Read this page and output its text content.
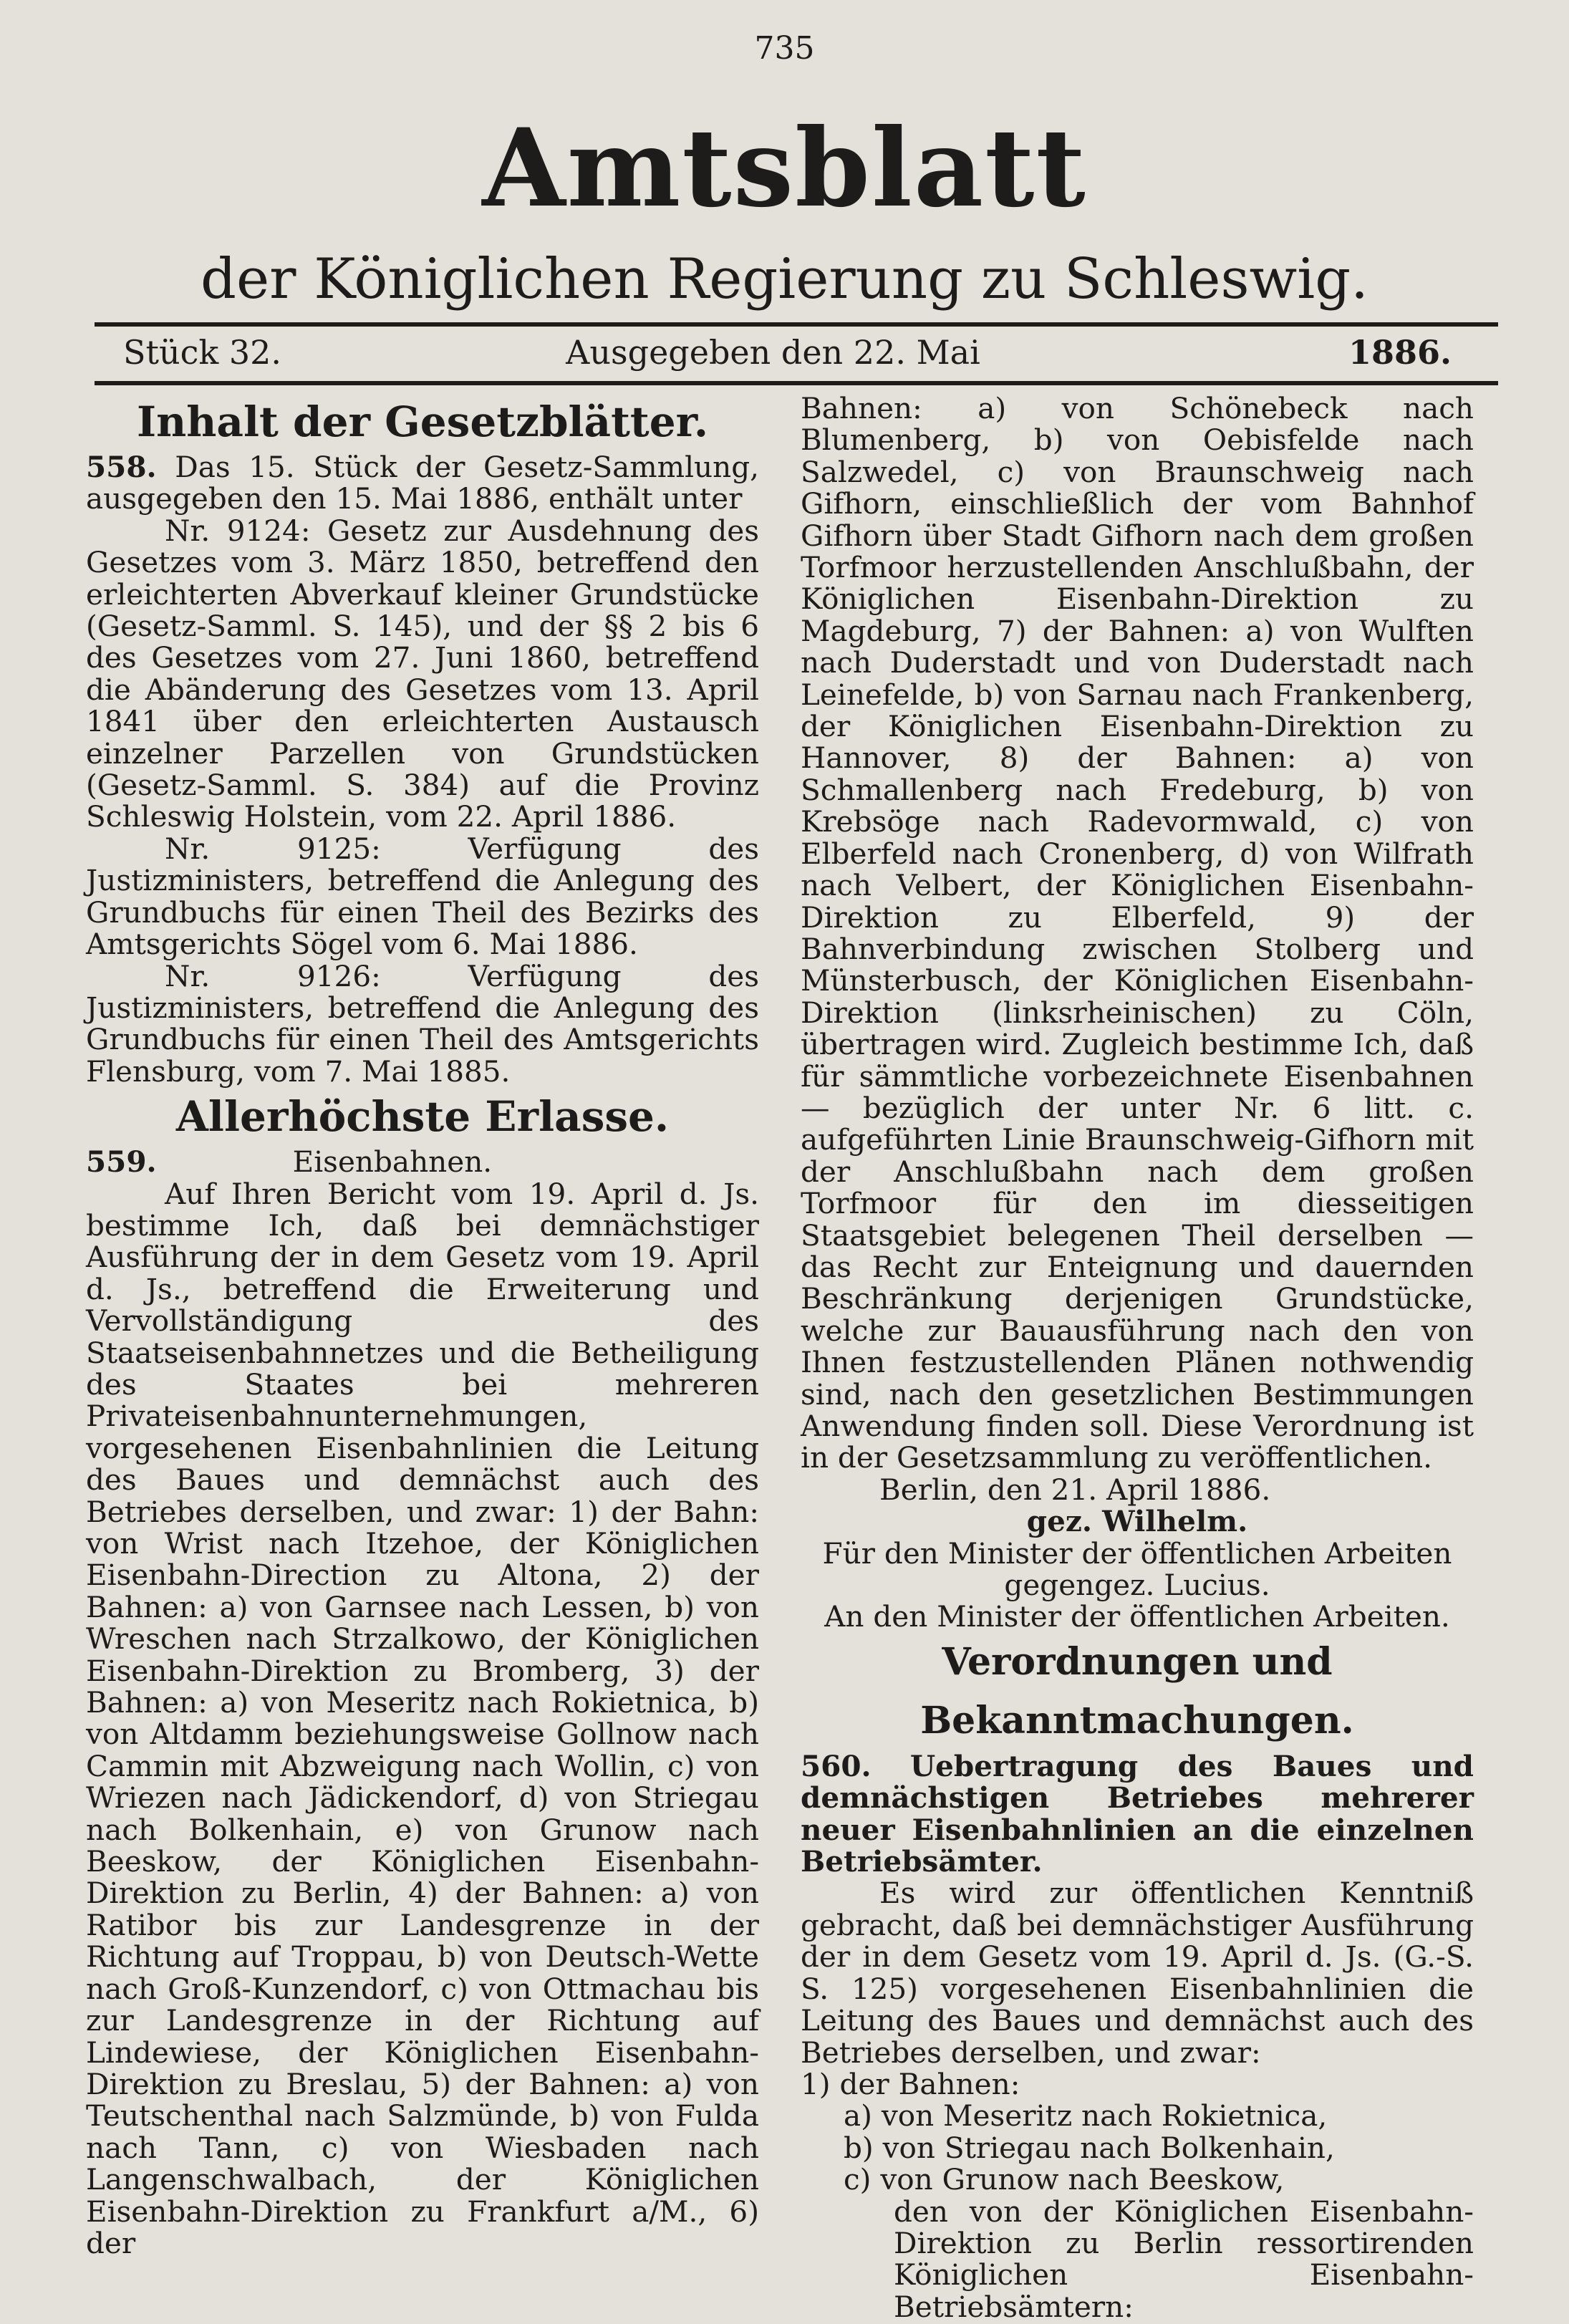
735
Amtsblatt
der Königlichen Regierung zu Schleswig.
Ausgegeben den 22. Mai
Stück 32.	1886.
Inhalt der Gesetzblätter.

558. Das 15. Stück der Gesetz-Sammlung, ausgegeben den 15. Mai 1886, enthält unter

Nr. 9124: Gesetz zur Ausdehnung des Gesetzes vom 3. März 1850, betreffend den erleichterten Abverkauf kleiner Grundstücke (Gesetz-Samml. S. 145), und der §§ 2 bis 6 des Gesetzes vom 27. Juni 1860, betreffend die Abänderung des Gesetzes vom 13. April 1841 über den erleichterten Austausch einzelner Parzellen von Grundstücken (Gesetz-Samml. S. 384) auf die Provinz Schleswig Holstein, vom 22. April 1886.

Nr. 9125: Verfügung des Justizministers, betreffend die Anlegung des Grundbuchs für einen Theil des Bezirks des Amtsgerichts Sögel vom 6. Mai 1886.

Nr. 9126: Verfügung des Justizministers, betreffend die Anlegung des Grundbuchs für einen Theil des Amtsgerichts Flensburg, vom 7. Mai 1885.

Allerhöchste Erlasse.

559.	Eisenbahnen.

Auf Ihren Bericht vom 19. April d. Js. bestimme Ich, daß bei demnächstiger Ausführung der in dem Gesetz vom 19. April d. Js., betreffend die Erweiterung und Vervollständigung des Staatseisenbahnnetzes und die Betheiligung des Staates bei mehreren Privateisenbahnunternehmungen, vorgesehenen Eisenbahnlinien die Leitung des Baues und demnächst auch des Betriebes derselben, und zwar: 1) der Bahn: von Wrist nach Itzehoe, der Königlichen Eisenbahn-Direction zu Altona, 2) der Bahnen: a) von Garnsee nach Lessen, b) von Wreschen nach Strzalkowo, der Königlichen Eisenbahn-Direktion zu Bromberg, 3) der Bahnen: a) von Meseritz nach Rokietnica, b) von Altdamm beziehungsweise Gollnow nach Cammin mit Abzweigung nach Wollin, c) von Wriezen nach Jädickendorf, d) von Striegau nach Bolkenhain, e) von Grunow nach Beeskow, der Königlichen Eisenbahn-Direktion zu Berlin, 4) der Bahnen: a) von Ratibor bis zur Landesgrenze in der Richtung auf Troppau, b) von Deutsch-Wette nach Groß-Kunzendorf, c) von Ottmachau bis zur Landesgrenze in der Richtung auf Lindewiese, der Königlichen Eisenbahn-Direktion zu Breslau, 5) der Bahnen: a) von Teutschenthal nach Salzmünde, b) von Fulda nach Tann, c) von Wiesbaden nach Langenschwalbach, der Königlichen Eisenbahn-Direktion zu Frankfurt a/M., 6) der

Bahnen: a) von Schönebeck nach Blumenberg, b) von Oebisfelde nach Salzwedel, c) von Braunschweig nach Gifhorn, einschließlich der vom Bahnhof Gifhorn über Stadt Gifhorn nach dem großen Torfmoor herzustellenden Anschlußbahn, der Königlichen Eisenbahn-Direktion zu Magdeburg, 7) der Bahnen: a) von Wulften nach Duderstadt und von Duderstadt nach Leinefelde, b) von Sarnau nach Frankenberg, der Königlichen Eisenbahn-Direktion zu Hannover, 8) der Bahnen: a) von Schmallenberg nach Fredeburg, b) von Krebsöge nach Radevormwald, c) von Elberfeld nach Cronenberg, d) von Wilfrath nach Velbert, der Königlichen Eisenbahn-Direktion zu Elberfeld, 9) der Bahnverbindung zwischen Stolberg und Münsterbusch, der Königlichen Eisenbahn-Direktion (linksrheinischen) zu Cöln, übertragen wird. Zugleich bestimme Ich, daß für sämmtliche vorbezeichnete Eisenbahnen — bezüglich der unter Nr. 6 litt. c. aufgeführten Linie Braunschweig-Gifhorn mit der Anschlußbahn nach dem großen Torfmoor für den im diesseitigen Staatsgebiet belegenen Theil derselben — das Recht zur Enteignung und dauernden Beschränkung derjenigen Grundstücke, welche zur Bauausführung nach den von Ihnen festzustellenden Plänen nothwendig sind, nach den gesetzlichen Bestimmungen Anwendung finden soll. Diese Verordnung ist in der Gesetzsammlung zu veröffentlichen.

Berlin, den 21. April 1886.

gez. Wilhelm.

Für den Minister der öffentlichen Arbeiten

gegengez. Lucius.

An den Minister der öffentlichen Arbeiten.

Verordnungen und Bekanntmachungen.

560. Uebertragung des Baues und demnächstigen Betriebes mehrerer neuer Eisenbahnlinien an die einzelnen Betriebsämter.

Es wird zur öffentlichen Kenntniß gebracht, daß bei demnächstiger Ausführung der in dem Gesetz vom 19. April d. Js. (G.-S. S. 125) vorgesehenen Eisenbahnlinien die Leitung des Baues und demnächst auch des Betriebes derselben, und zwar:

1) der Bahnen:

a) von Meseritz nach Rokietnica,

b) von Striegau nach Bolkenhain,

c) von Grunow nach Beeskow,

den von der Königlichen Eisenbahn-Direktion zu Berlin ressortirenden Königlichen Eisenbahn-Betriebsämtern:
